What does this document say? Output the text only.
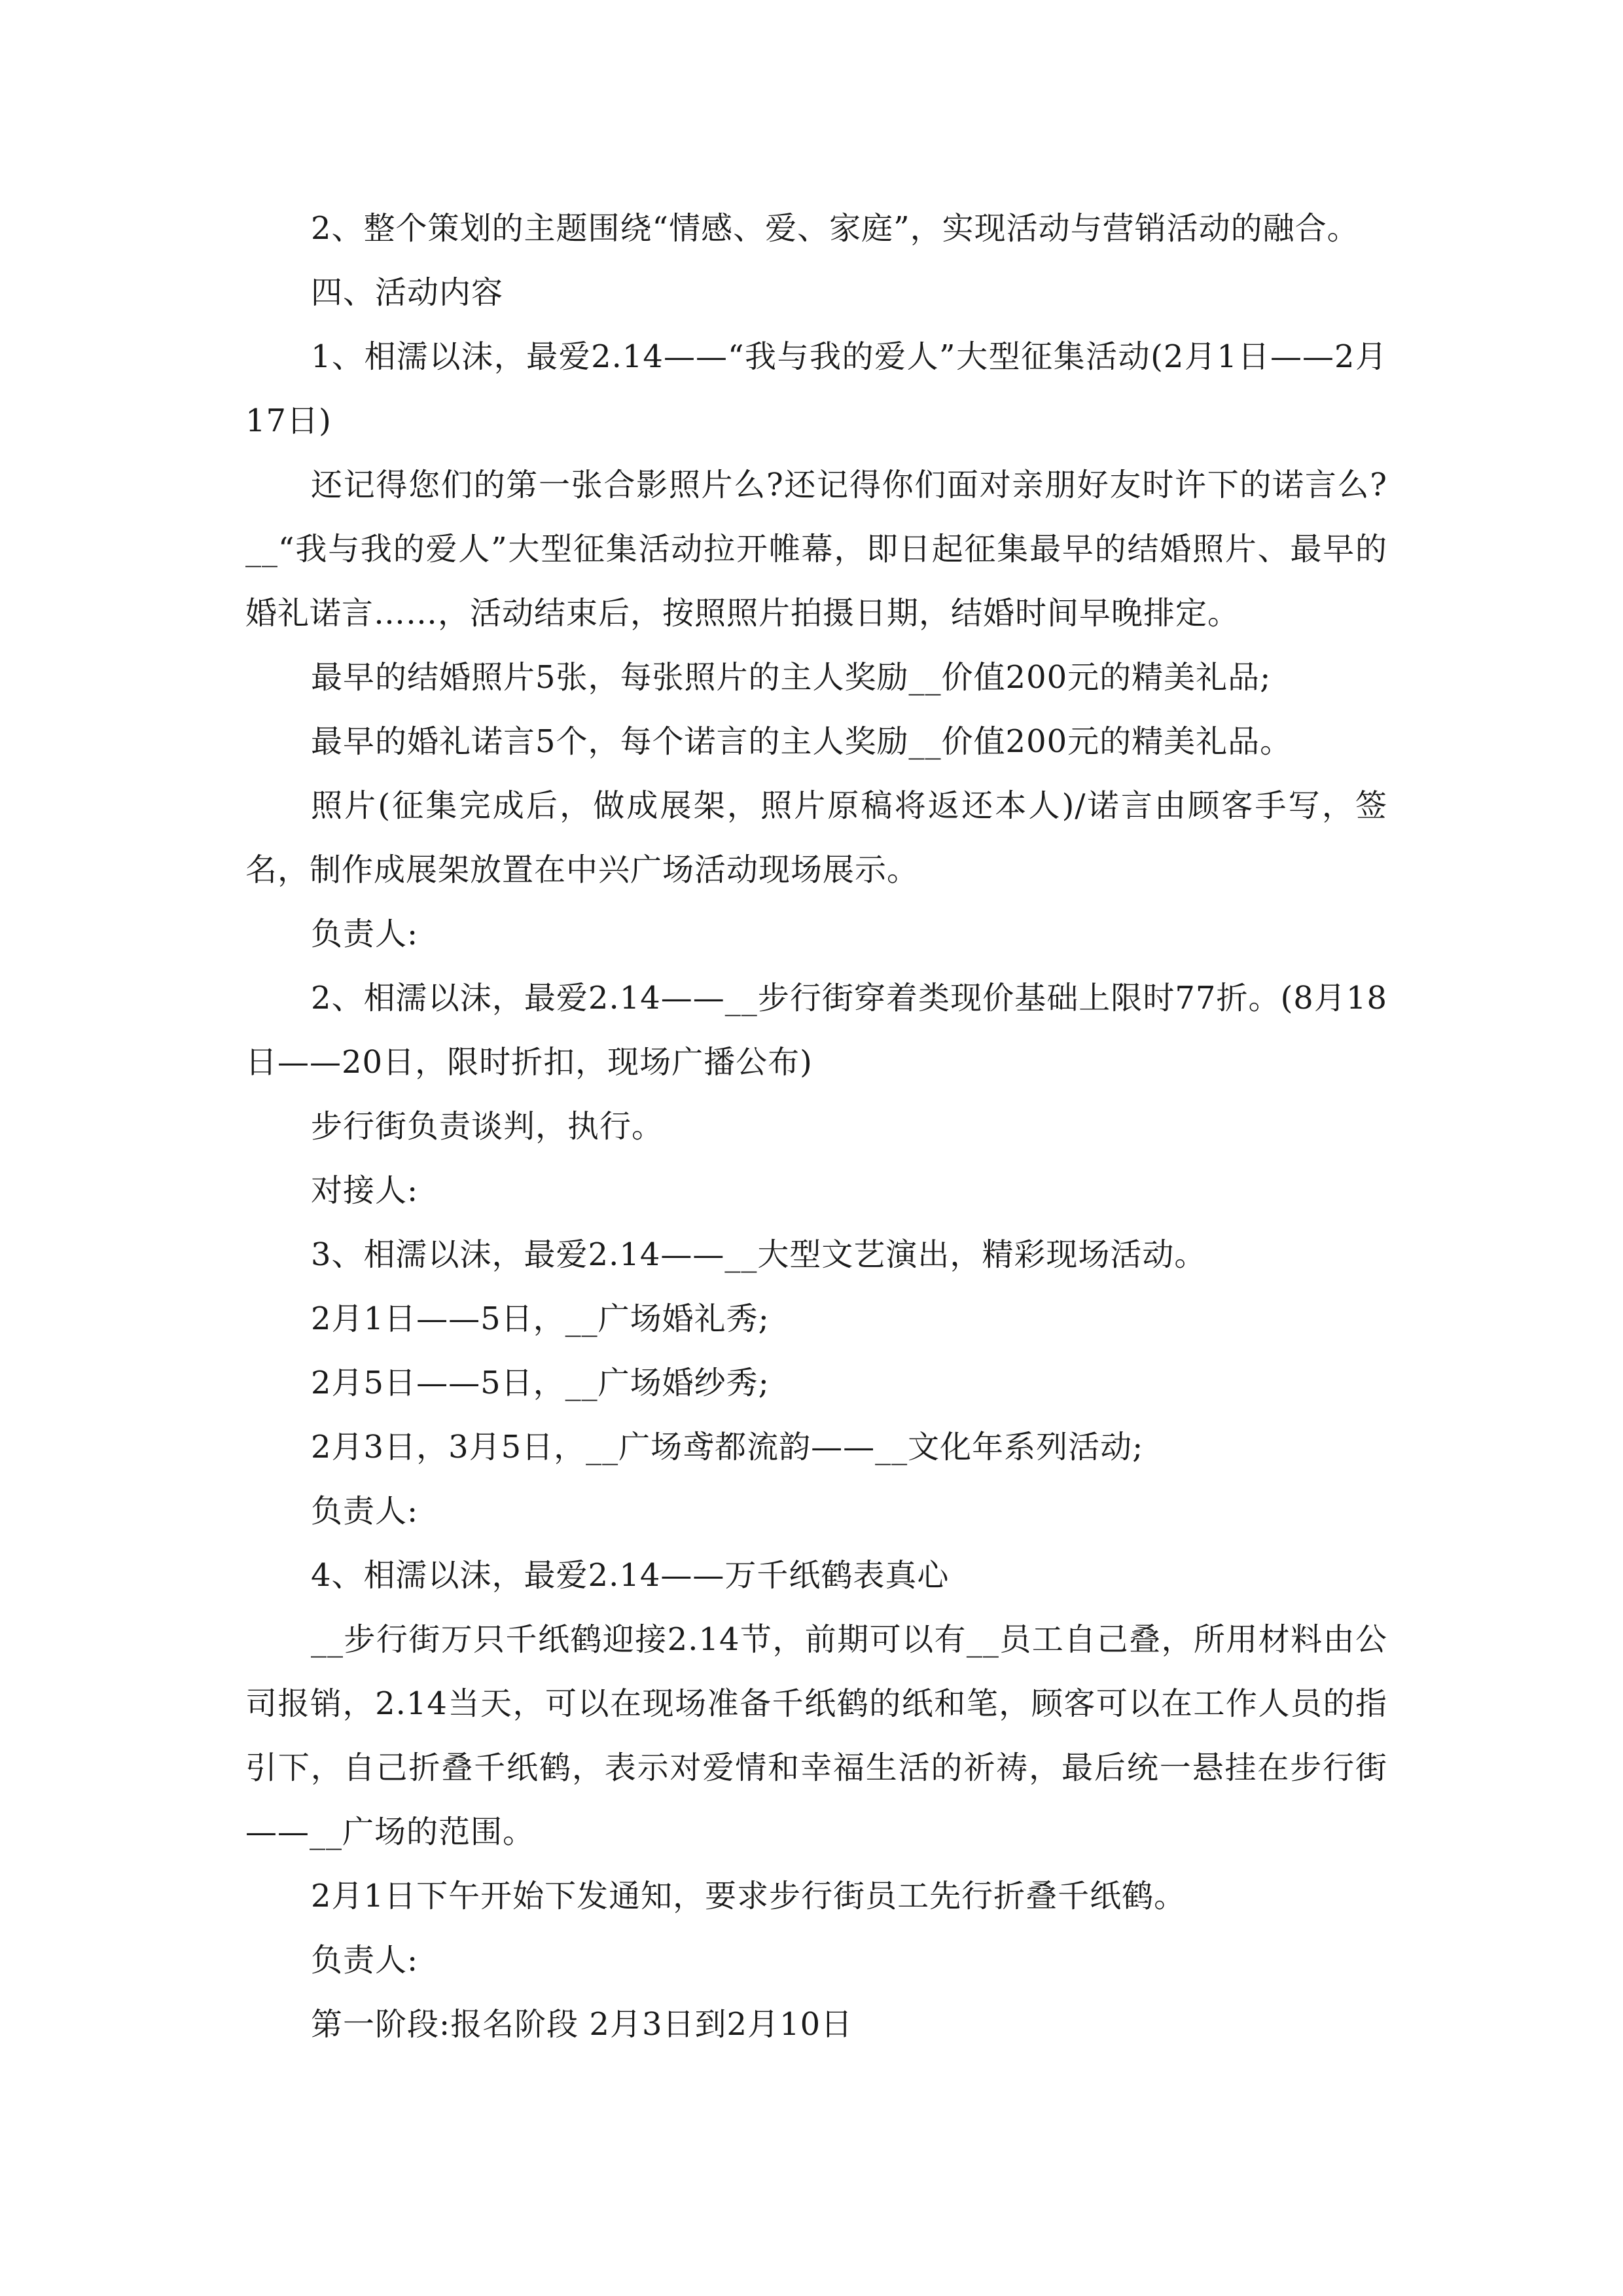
2、整个策划的主题围绕“情感、爱、家庭”，实现活动与营销活动的融合。

四、活动内容

1、相濡以沫，最爱2.14——“我与我的爱人”大型征集活动(2月1日——2月17日)

还记得您们的第一张合影照片么?还记得你们面对亲朋好友时许下的诺言么?__“我与我的爱人”大型征集活动拉开帷幕，即日起征集最早的结婚照片、最早的婚礼诺言……，活动结束后，按照照片拍摄日期，结婚时间早晚排定。

最早的结婚照片5张，每张照片的主人奖励__价值200元的精美礼品;

最早的婚礼诺言5个，每个诺言的主人奖励__价值200元的精美礼品。

照片(征集完成后，做成展架，照片原稿将返还本人)/诺言由顾客手写，签名，制作成展架放置在中兴广场活动现场展示。

负责人:

2、相濡以沫，最爱2.14——__步行街穿着类现价基础上限时77折。(8月18日——20日，限时折扣，现场广播公布)

步行街负责谈判，执行。

对接人:

3、相濡以沫，最爱2.14——__大型文艺演出，精彩现场活动。

2月1日——5日，__广场婚礼秀;

2月5日——5日，__广场婚纱秀;

2月3日，3月5日，__广场鸢都流韵——__文化年系列活动;

负责人:

4、相濡以沫，最爱2.14——万千纸鹤表真心

__步行街万只千纸鹤迎接2.14节，前期可以有__员工自己叠，所用材料由公司报销，2.14当天，可以在现场准备千纸鹤的纸和笔，顾客可以在工作人员的指引下，自己折叠千纸鹤，表示对爱情和幸福生活的祈祷，最后统一悬挂在步行街——__广场的范围。

2月1日下午开始下发通知，要求步行街员工先行折叠千纸鹤。

负责人:

第一阶段:报名阶段 2月3日到2月10日
